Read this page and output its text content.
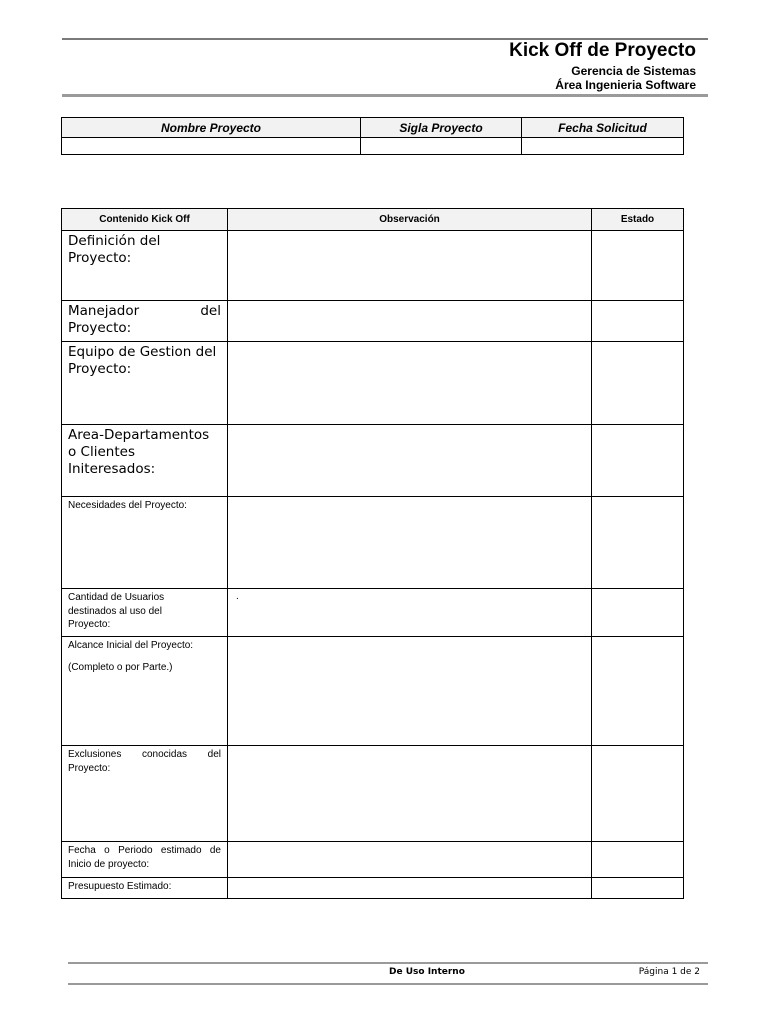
Kick Off de Proyecto
Gerencia de Sistemas
Área Ingenieria Software
Nombre Proyecto	Sigla Proyecto	Fecha Solicitud

Contenido Kick Off	Observación	Estado

Definición del
Proyecto:		

Manejador del
Proyecto:		

Equipo de Gestion del
Proyecto:		

Area-Departamentos
o Clientes
Initeresados:		

Necesidades del Proyecto:		

Cantidad de Usuarios
destinados al uso del
Proyecto:	.	

Alcance Inicial del Proyecto:
(Completo o por Parte.)		

Exclusiones conocidas del
Proyecto:		

Fecha o Periodo estimado de
Inicio de proyecto:		

Presupuesto Estimado:		

De Uso Interno	Página 1 de 2
